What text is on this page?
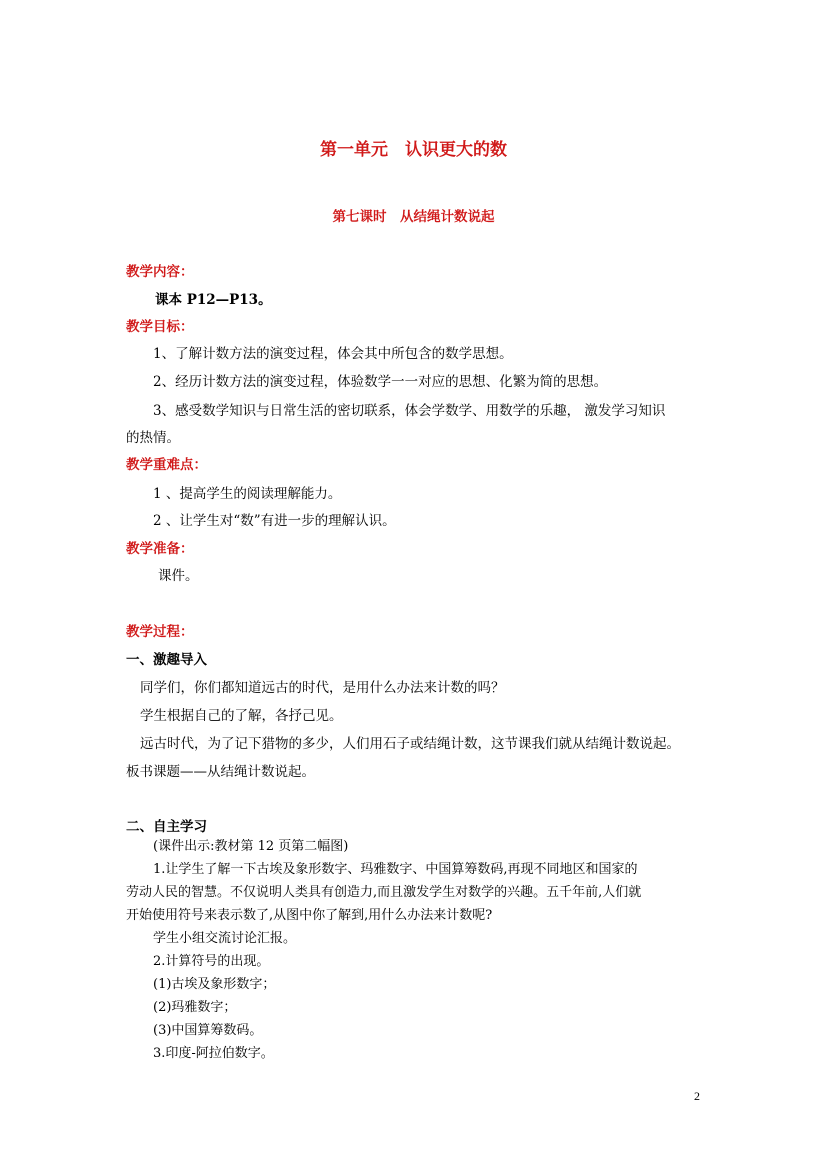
第一单元　认识更大的数
第七课时　从结绳计数说起
教学内容：
课本 P12—P13。
教学目标：
1、了解计数方法的演变过程，体会其中所包含的数学思想。
2、经历计数方法的演变过程，体验数学一一对应的思想、化繁为简的思想。
3、感受数学知识与日常生活的密切联系，体会学数学、用数学的乐趣， 激发学习知识
的热情。
教学重难点：
1 、提高学生的阅读理解能力。
2 、让学生对“数”有进一步的理解认识。
教学准备：
课件。
教学过程：
一、激趣导入
同学们，你们都知道远古的时代，是用什么办法来计数的吗？
学生根据自己的了解，各抒己见。
远古时代，为了记下猎物的多少，人们用石子或结绳计数，这节课我们就从结绳计数说起。
板书课题——从结绳计数说起。
二、自主学习
(课件出示:教材第 12 页第二幅图)
1.让学生了解一下古埃及象形数字、玛雅数字、中国算筹数码,再现不同地区和国家的
劳动人民的智慧。不仅说明人类具有创造力,而且激发学生对数学的兴趣。五千年前,人们就
开始使用符号来表示数了,从图中你了解到,用什么办法来计数呢?
学生小组交流讨论汇报。
2.计算符号的出现。
(1)古埃及象形数字；
(2)玛雅数字；
(3)中国算筹数码。
3.印度-阿拉伯数字。
2
